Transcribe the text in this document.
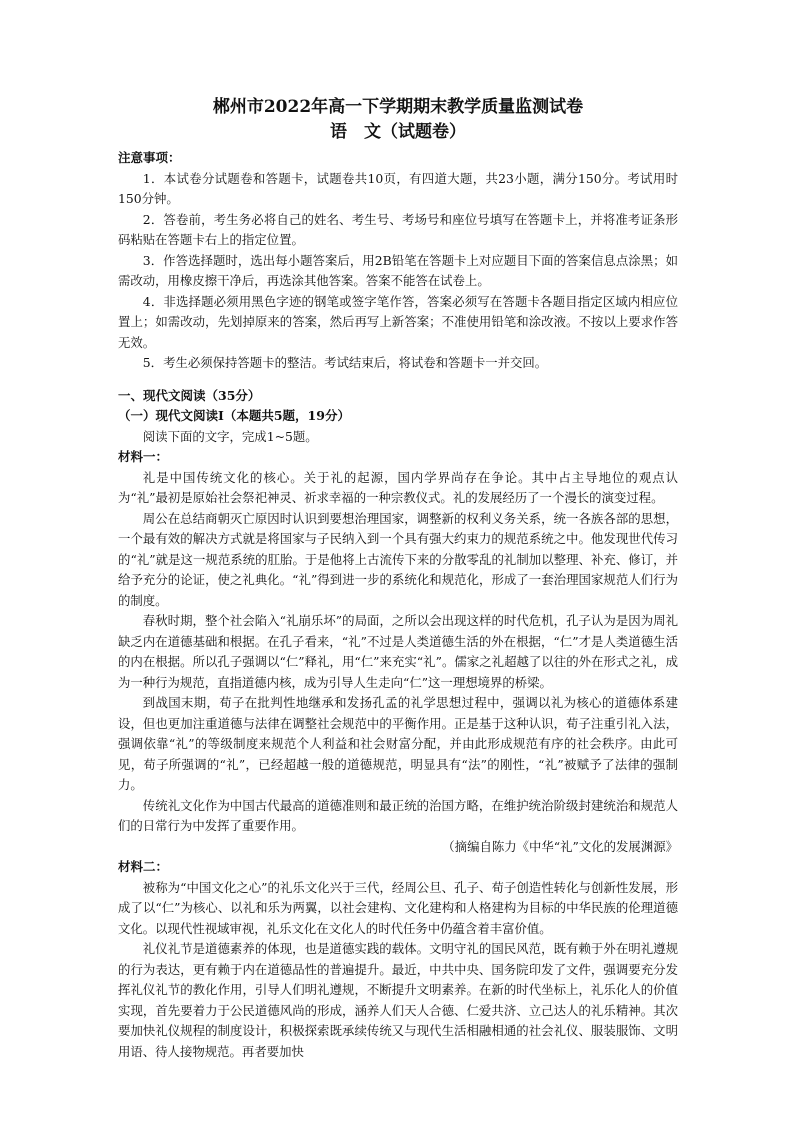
郴州市2022年高一下学期期末教学质量监测试卷

语　文（试题卷）

注意事项：

1．本试卷分试题卷和答题卡，试题卷共10页，有四道大题，共23小题，满分150分。考试用时150分钟。

2．答卷前，考生务必将自己的姓名、考生号、考场号和座位号填写在答题卡上，并将准考证条形码粘贴在答题卡右上的指定位置。

3．作答选择题时，选出每小题答案后，用2B铅笔在答题卡上对应题目下面的答案信息点涂黑；如需改动，用橡皮擦干净后，再选涂其他答案。答案不能答在试卷上。

4．非选择题必须用黑色字迹的钢笔或签字笔作答，答案必须写在答题卡各题目指定区域内相应位置上；如需改动，先划掉原来的答案，然后再写上新答案；不准使用铅笔和涂改液。不按以上要求作答无效。

5．考生必须保持答题卡的整洁。考试结束后，将试卷和答题卡一并交回。

一、现代文阅读（35分）

（一）现代文阅读Ⅰ（本题共5题，19分）

阅读下面的文字，完成1~5题。

材料一：

礼是中国传统文化的核心。关于礼的起源，国内学界尚存在争论。其中占主导地位的观点认为“礼”最初是原始社会祭祀神灵、祈求幸福的一种宗教仪式。礼的发展经历了一个漫长的演变过程。

周公在总结商朝灭亡原因时认识到要想治理国家，调整新的权利义务关系，统一各族各部的思想，一个最有效的解决方式就是将国家与子民纳入到一个具有强大约束力的规范系统之中。他发现世代传习的“礼”就是这一规范系统的肛胎。于是他将上古流传下来的分散零乱的礼制加以整理、补充、修订，并给予充分的论证，使之礼典化。“礼”得到进一步的系统化和规范化，形成了一套治理国家规范人们行为的制度。

春秋时期，整个社会陷入“礼崩乐坏”的局面，之所以会出现这样的时代危机，孔子认为是因为周礼缺乏内在道德基础和根据。在孔子看来，“礼”不过是人类道德生活的外在根据，“仁”才是人类道德生活的内在根据。所以孔子强调以“仁”释礼，用“仁”来充实“礼”。儒家之礼超越了以往的外在形式之礼，成为一种行为规范，直指道德内核，成为引导人生走向“仁”这一理想境界的桥梁。

到战国末期，荀子在批判性地继承和发扬孔孟的礼学思想过程中，强调以礼为核心的道德体系建设，但也更加注重道德与法律在调整社会规范中的平衡作用。正是基于这种认识，荀子注重引礼入法，强调依靠“礼”的等级制度来规范个人利益和社会财富分配，并由此形成规范有序的社会秩序。由此可见，荀子所强调的“礼”，已经超越一般的道德规范，明显具有“法”的刚性，“礼”被赋予了法律的强制力。

传统礼文化作为中国古代最高的道德准则和最正统的治国方略，在维护统治阶级封建统治和规范人们的日常行为中发挥了重要作用。

（摘编自陈力《中华“礼”文化的发展渊源》

材料二：

被称为“中国文化之心”的礼乐文化兴于三代，经周公旦、孔子、荀子创造性转化与创新性发展，形成了以“仁”为核心、以礼和乐为两翼，以社会建构、文化建构和人格建构为目标的中华民族的伦理道德文化。以现代性视域审视，礼乐文化在文化人的时代任务中仍蕴含着丰富价值。

礼仪礼节是道德素养的体现，也是道德实践的载体。文明守礼的国民风范，既有赖于外在明礼遵规的行为表达，更有赖于内在道德品性的普遍提升。最近，中共中央、国务院印发了文件，强调要充分发挥礼仪礼节的教化作用，引导人们明礼遵规，不断提升文明素养。在新的时代坐标上，礼乐化人的价值实现，首先要着力于公民道德风尚的形成，涵养人们天人合德、仁爱共济、立己达人的礼乐精神。其次要加快礼仪规程的制度设计，积极探索既承续传统又与现代生活相融相通的社会礼仪、服装服饰、文明用语、待人接物规范。再者要加快
